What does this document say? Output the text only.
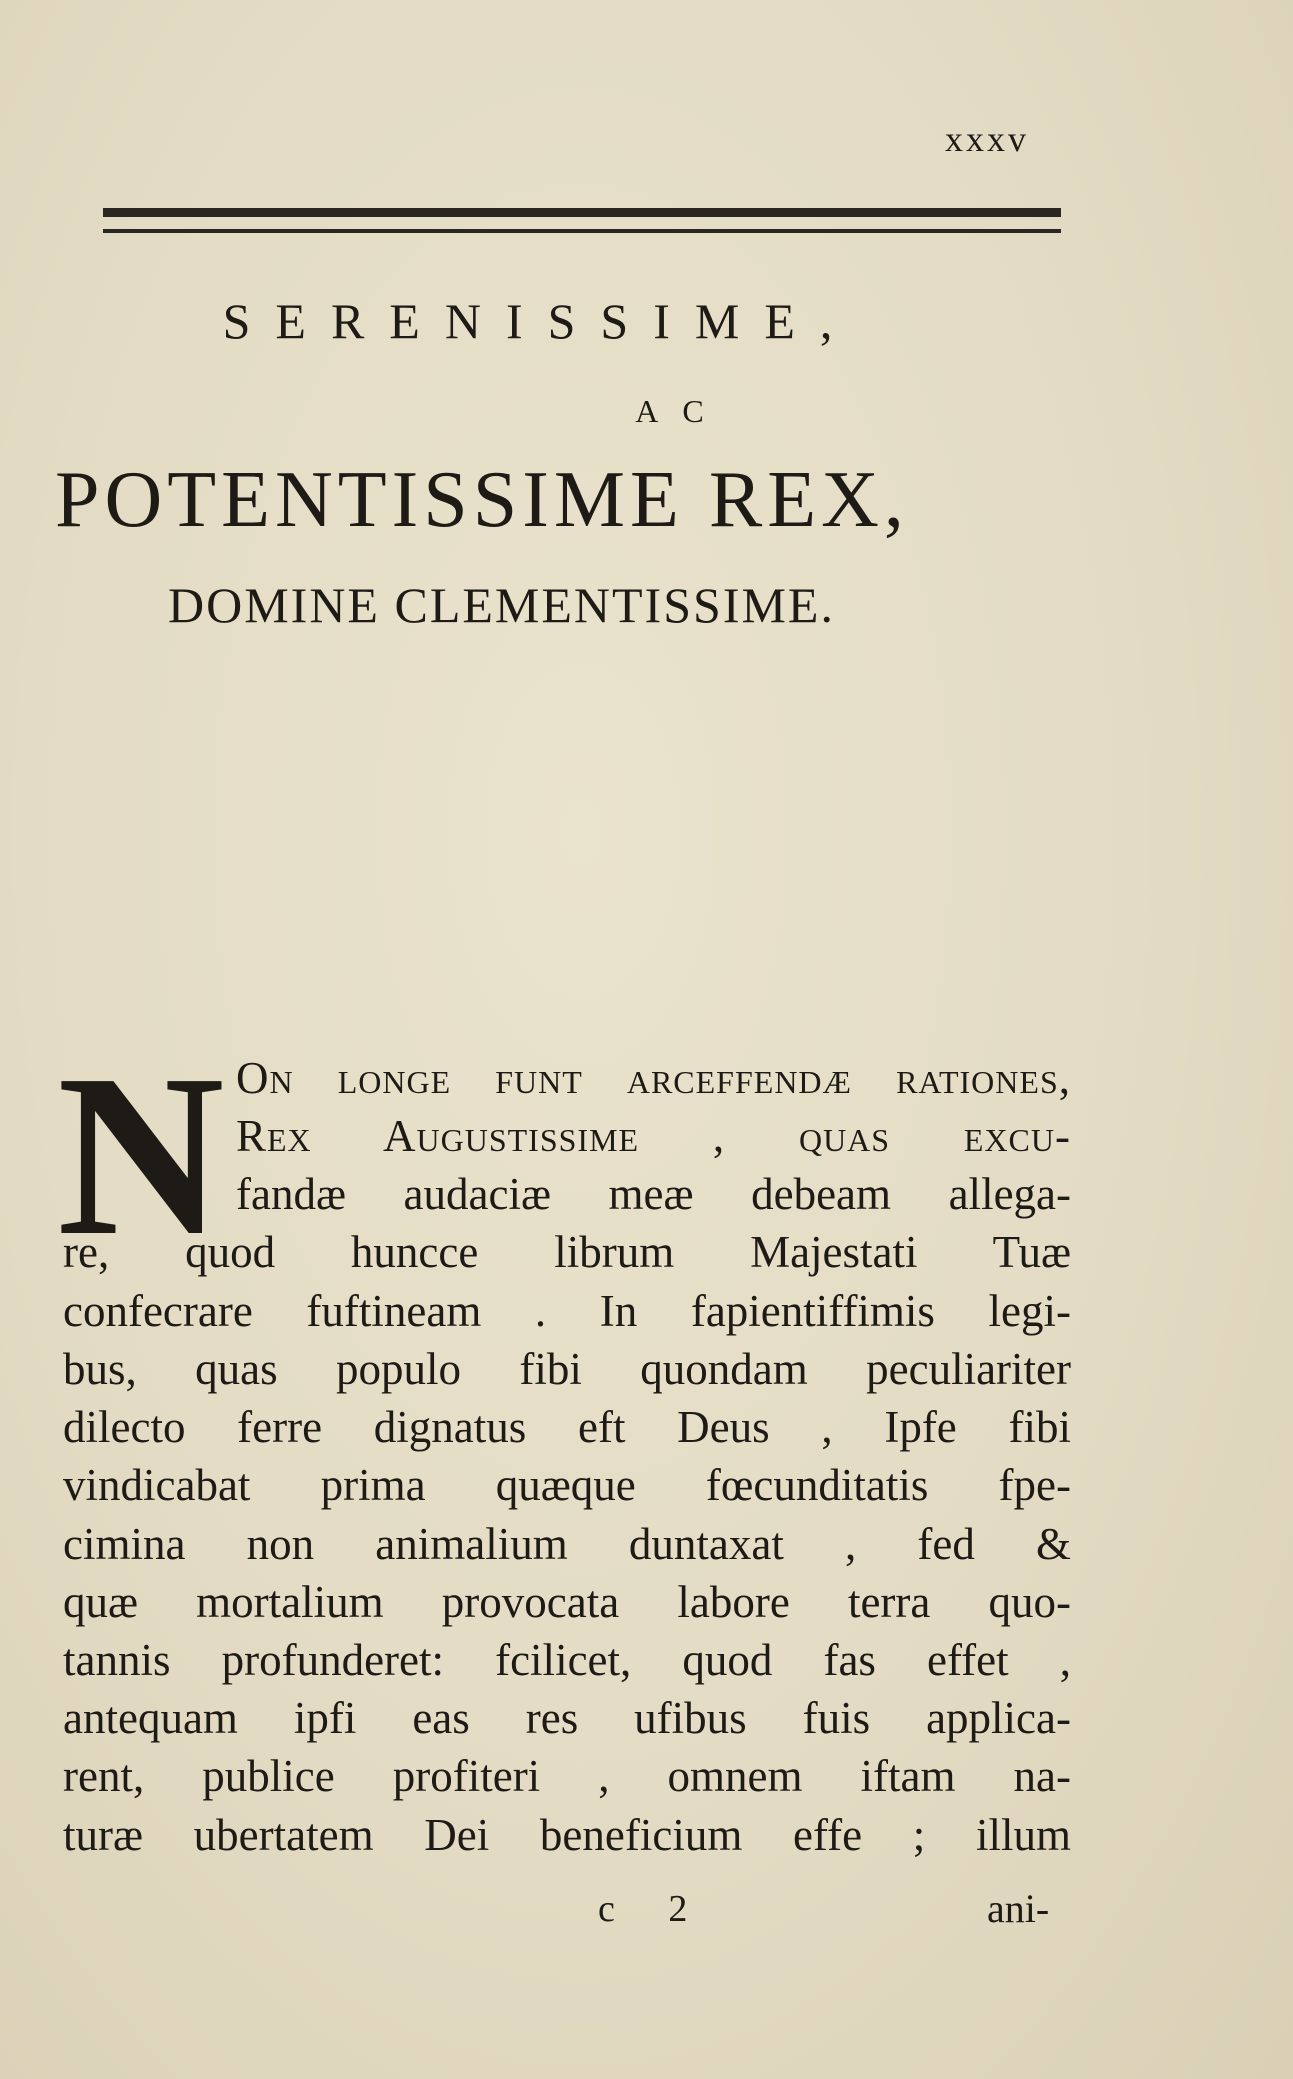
xxxv
SERENISSIME,
AC
POTENTISSIME REX,
DOMINE CLEMENTISSIME.
N On longe funt arceffendæ rationes,
Rex Augustissime , quas excu-
fandæ audaciæ meæ debeam allega-
re, quod huncce librum Majestati Tuæ
confecrare fuftineam . In fapientiffimis legi-
bus, quas populo fibi quondam peculiariter
dilecto ferre dignatus eft Deus , Ipfe fibi
vindicabat prima quæque fœcunditatis fpe-
cimina non animalium duntaxat , fed &
quæ mortalium provocata labore terra quo-
tannis profunderet: fcilicet, quod fas effet ,
antequam ipfi eas res ufibus fuis applica-
rent, publice profiteri , omnem iftam na-
turæ ubertatem Dei beneficium effe ; illum
c 2	ani-
